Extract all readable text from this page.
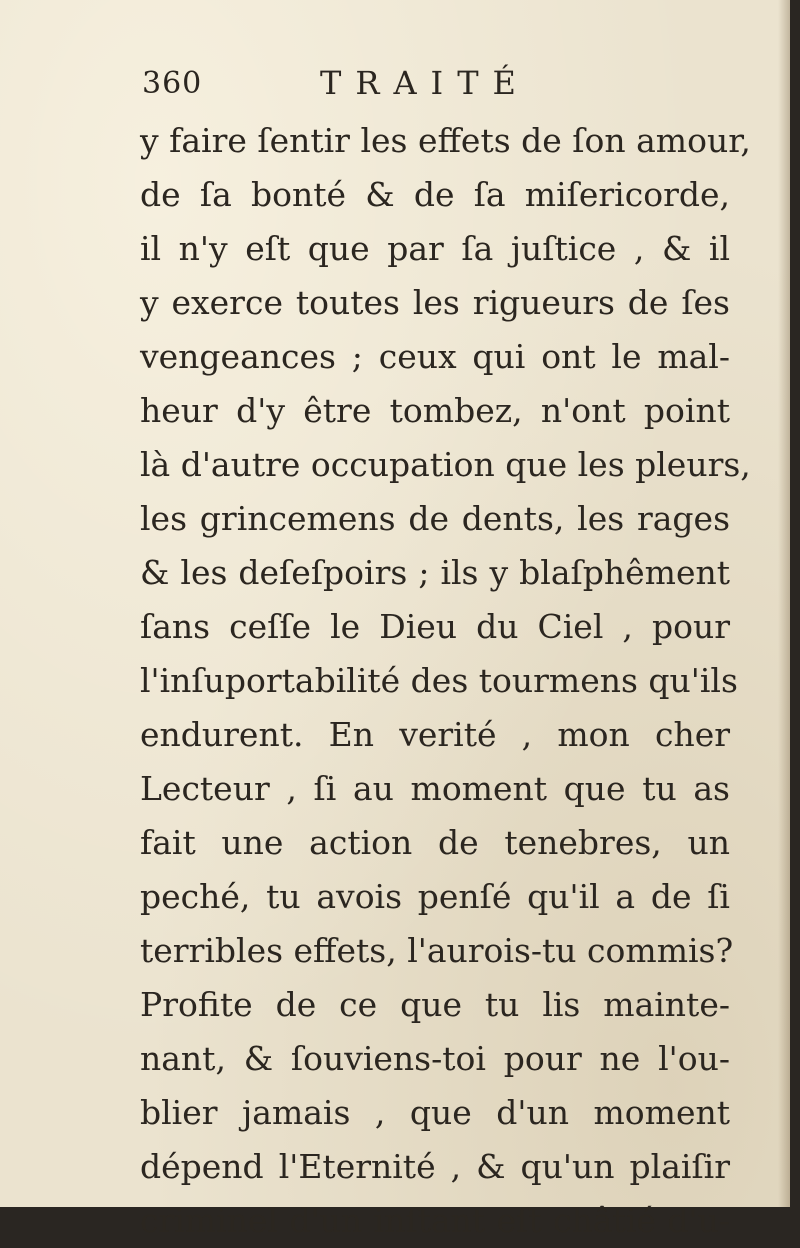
360	TRAITÉ
y faire ſentir les effets de ſon amour,
de ſa bonté & de ſa miſericorde,
il n'y eſt que par ſa juſtice , & il
y exerce toutes les rigueurs de ſes
vengeances ; ceux qui ont le mal-
heur d'y être tombez, n'ont point
là d'autre occupation que les pleurs,
les grincemens de dents, les rages
& les deſeſpoirs ; ils y blaſphêment
ſans ceſſe le Dieu du Ciel , pour
l'inſuportabilité des tourmens qu'ils
endurent. En verité , mon cher
Lecteur , ſi au moment que tu as
fait une action de tenebres, un
peché, tu avois penſé qu'il a de ſi
terribles effets, l'aurois-tu commis?
Profite de ce que tu lis mainte-
nant, & ſouviens-toi pour ne l'ou-
blier jamais , que d'un moment
dépend l'Eternité , & qu'un plaiſir
criminel d'un inſtant eſt châtié d'u-
